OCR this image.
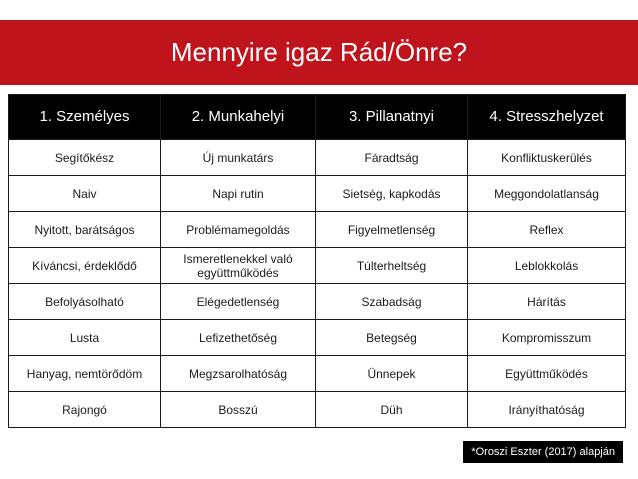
Mennyire igaz Rád/Önre?
1. Személyes	2. Munkahelyi	3. Pillanatnyi	4. Stresszhelyzet
Segítőkész	Új munkatárs	Fáradtság	Konfliktuskerülés
Naiv	Napi rutin	Sietség, kapkodás	Meggondolatlanság
Nyitott, barátságos	Problémamegoldás	Figyelmetlenség	Reflex
Kíváncsi, érdeklődő	Ismeretlenekkel való együttműködés	Túlterheltség	Leblokkolás
Befolyásolható	Elégedetlenség	Szabadság	Hárítás
Lusta	Lefizethetőség	Betegség	Kompromisszum
Hanyag, nemtörődöm	Megzsarolhatóság	Ünnepek	Együttműködés
Rajongó	Bosszú	Düh	Irányíthatóság
*Oroszi Eszter (2017) alapján
